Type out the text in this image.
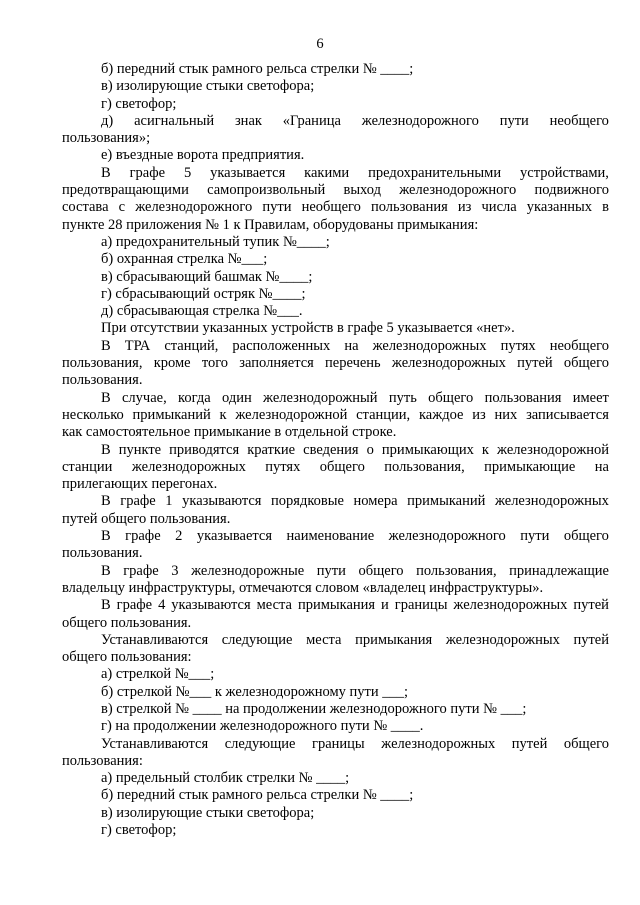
6
б) передний стык рамного рельса стрелки № ____;
в) изолирующие стыки светофора;
г) светофор;
д) асигнальный знак «Граница железнодорожного пути необщего
пользования»;
е) въездные ворота предприятия.
В графе 5 указывается какими предохранительными устройствами,
предотвращающими самопроизвольный выход железнодорожного подвижного
состава с железнодорожного пути необщего пользования из числа указанных в
пункте 28 приложения № 1 к Правилам, оборудованы примыкания:
а) предохранительный тупик №____;
б) охранная стрелка №___;
в) сбрасывающий башмак №____;
г) сбрасывающий остряк №____;
д) сбрасывающая стрелка №___.
При отсутствии указанных устройств в графе 5 указывается «нет».
В ТРА станций, расположенных на железнодорожных путях необщего
пользования, кроме того заполняется перечень железнодорожных путей общего
пользования.
В случае, когда один железнодорожный путь общего пользования имеет
несколько примыканий к железнодорожной станции, каждое из них записывается
как самостоятельное примыкание в отдельной строке.
В пункте приводятся краткие сведения о примыкающих к железнодорожной
станции железнодорожных путях общего пользования, примыкающие на
прилегающих перегонах.
В графе 1 указываются порядковые номера примыканий железнодорожных
путей общего пользования.
В графе 2 указывается наименование железнодорожного пути общего
пользования.
В графе 3 железнодорожные пути общего пользования, принадлежащие
владельцу инфраструктуры, отмечаются словом «владелец инфраструктуры».
В графе 4 указываются места примыкания и границы железнодорожных путей
общего пользования.
Устанавливаются следующие места примыкания железнодорожных путей
общего пользования:
а) стрелкой №___;
б) стрелкой №___ к железнодорожному пути ___;
в) стрелкой № ____ на продолжении железнодорожного пути № ___;
г) на продолжении железнодорожного пути № ____.
Устанавливаются следующие границы железнодорожных путей общего
пользования:
а) предельный столбик стрелки № ____;
б) передний стык рамного рельса стрелки № ____;
в) изолирующие стыки светофора;
г) светофор;
